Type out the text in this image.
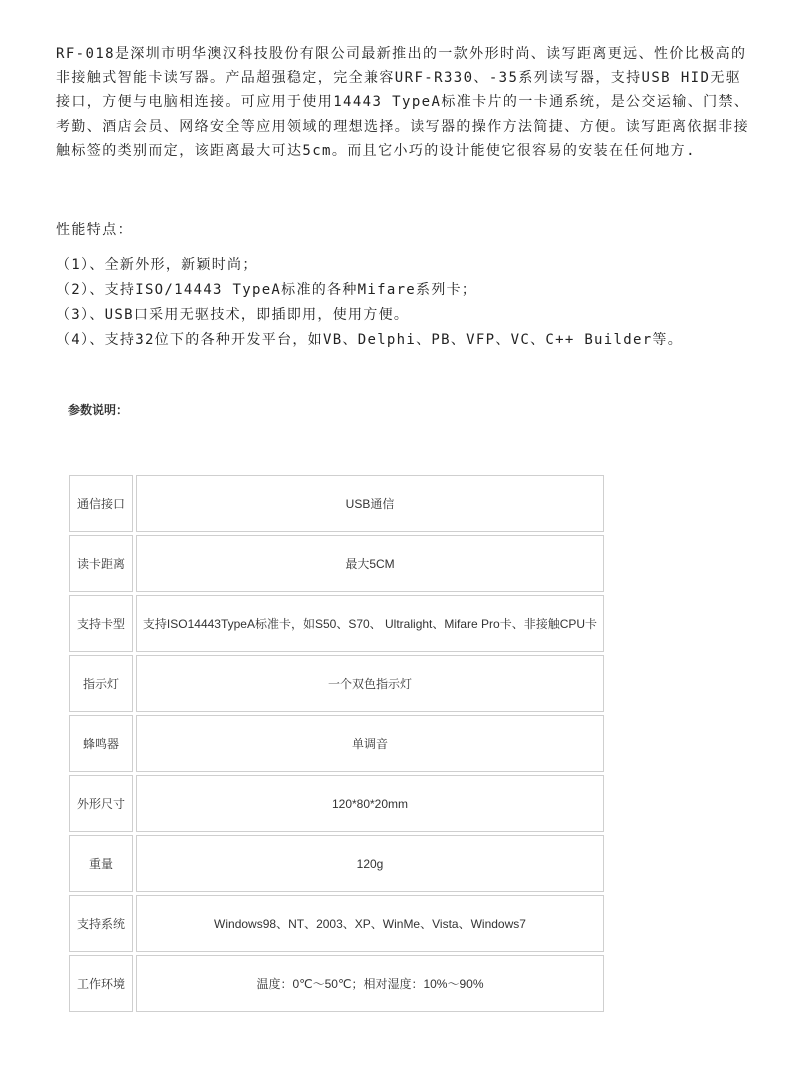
RF-018是深圳市明华澳汉科技股份有限公司最新推出的一款外形时尚、读写距离更远、性价比极高的非接触式智能卡读写器。产品超强稳定，完全兼容URF-R330、-35系列读写器，支持USB HID无驱接口，方便与电脑相连接。可应用于使用14443 TypeA标准卡片的一卡通系统，是公交运输、门禁、考勤、酒店会员、网络安全等应用领域的理想选择。读写器的操作方法简捷、方便。读写距离依据非接触标签的类别而定，该距离最大可达5cm。而且它小巧的设计能使它很容易的安装在任何地方.

性能特点：
（1）、全新外形，新颖时尚；
（2）、支持ISO/14443 TypeA标准的各种Mifare系列卡；
（3）、USB口采用无驱技术，即插即用，使用方便。
（4）、支持32位下的各种开发平台，如VB、Delphi、PB、VFP、VC、C++ Builder等。
参数说明：
通信接口	USB通信
读卡距离	最大5CM
支持卡型	支持ISO14443TypeA标准卡，如S50、S70、 Ultralight、Mifare Pro卡、非接触CPU卡
指示灯	一个双色指示灯
蜂鸣器	单调音
外形尺寸	120*80*20mm
重量	120g
支持系统	Windows98、NT、2003、XP、WinMe、Vista、Windows7
工作环境	温度：0℃～50℃；相对湿度：10%～90%
